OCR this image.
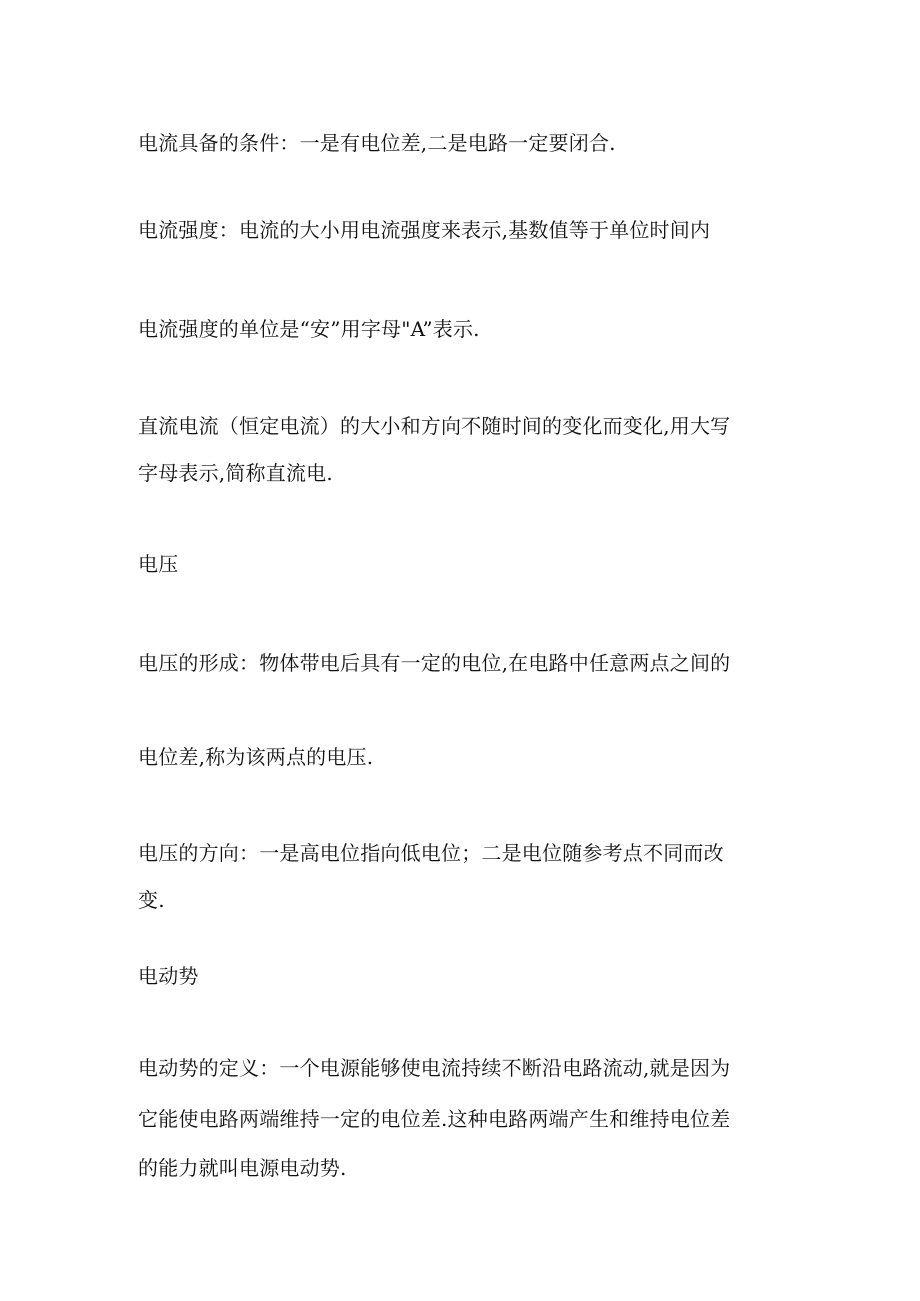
电流具备的条件：一是有电位差,二是电路一定要闭合.
电流强度：电流的大小用电流强度来表示,基数值等于单位时间内
电流强度的单位是“安”用字母"A”表示.
直流电流（恒定电流）的大小和方向不随时间的变化而变化,用大写
字母表示,简称直流电.
电压
电压的形成：物体带电后具有一定的电位,在电路中任意两点之间的
电位差,称为该两点的电压.
电压的方向：一是高电位指向低电位；二是电位随参考点不同而改
变.
电动势
电动势的定义：一个电源能够使电流持续不断沿电路流动,就是因为
它能使电路两端维持一定的电位差.这种电路两端产生和维持电位差
的能力就叫电源电动势.
